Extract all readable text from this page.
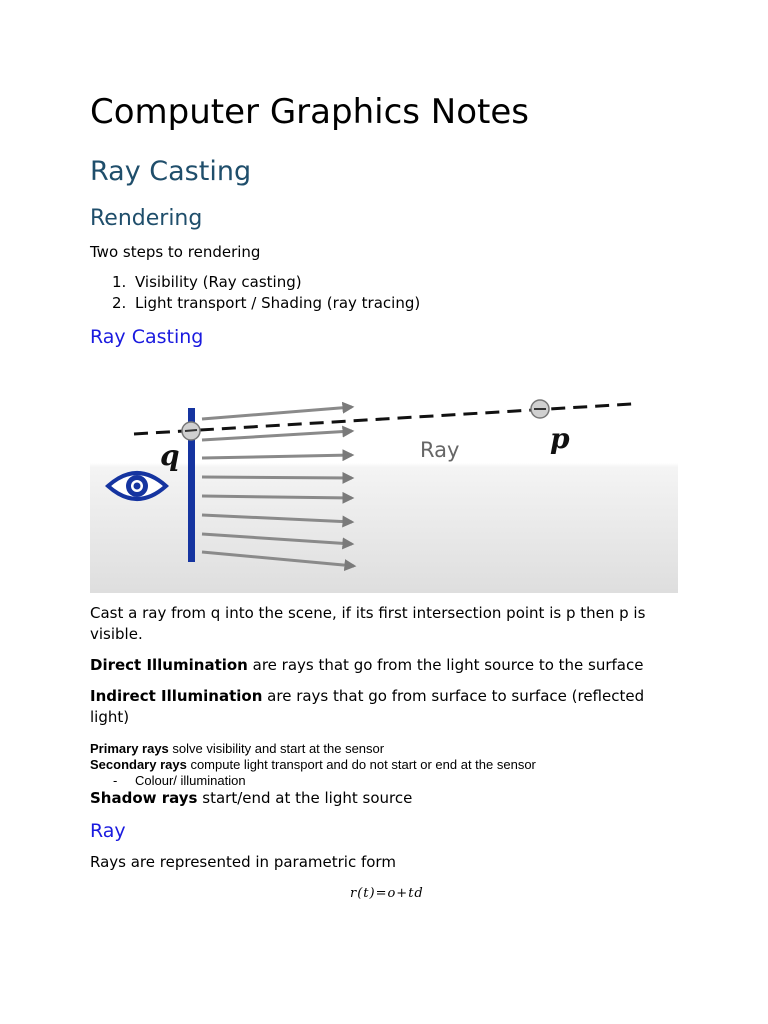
Computer Graphics Notes
Ray Casting
Rendering

Two steps to rendering

1. Visibility (Ray casting)
2. Light transport / Shading (ray tracing)
Ray Casting
q
p
Ray

Cast a ray from q into the scene, if its first intersection point is p then p is visible.

Direct Illumination are rays that go from the light source to the surface

Indirect Illumination are rays that go from surface to surface (reflected light)

Primary rays solve visibility and start at the sensor

Secondary rays compute light transport and do not start or end at the sensor

- Colour/ illumination

Shadow rays start/end at the light source

Ray

Rays are represented in parametric form

r(t)=o+td
